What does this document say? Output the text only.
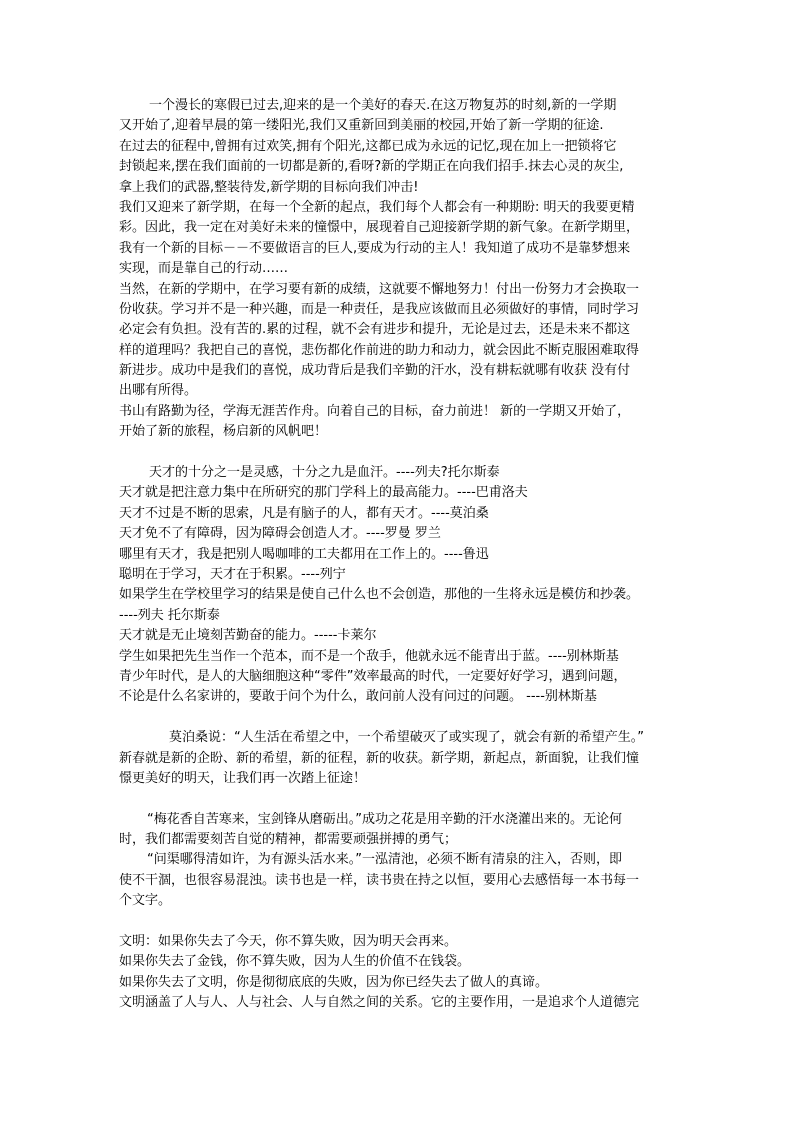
一个漫长的寒假已过去,迎来的是一个美好的春天.在这万物复苏的时刻,新的一学期
又开始了,迎着早晨的第一缕阳光,我们又重新回到美丽的校园,开始了新一学期的征途.
在过去的征程中,曾拥有过欢笑,拥有个阳光,这都已成为永远的记忆,现在加上一把锁将它
封锁起来,摆在我们面前的一切都是新的,看呀?新的学期正在向我们招手.抹去心灵的灰尘,
拿上我们的武器,整装待发,新学期的目标向我们冲击!
我们又迎来了新学期，在每一个全新的起点，我们每个人都会有一种期盼: 明天的我要更精
彩。因此，我一定在对美好未来的憧憬中，展现着自己迎接新学期的新气象。在新学期里，
我有一个新的目标－－不要做语言的巨人,要成为行动的主人！我知道了成功不是靠梦想来
实现，而是靠自己的行动……
当然，在新的学期中，在学习要有新的成绩，这就要不懈地努力！付出一份努力才会换取一
份收获。学习并不是一种兴趣，而是一种责任，是我应该做而且必须做好的事情，同时学习
必定会有负担。没有苦的.累的过程，就不会有进步和提升，无论是过去，还是未来不都这
样的道理吗？我把自己的喜悦，悲伤都化作前进的助力和动力，就会因此不断克服困难取得
新进步。成功中是我们的喜悦，成功背后是我们辛勤的汗水，没有耕耘就哪有收获 没有付
出哪有所得。
书山有路勤为径，学海无涯苦作舟。向着自己的目标，奋力前进！ 新的一学期又开始了，
开始了新的旅程，杨启新的风帆吧！
天才的十分之一是灵感，十分之九是血汗。----列夫?托尔斯泰
天才就是把注意力集中在所研究的那门学科上的最高能力。----巴甫洛夫
天才不过是不断的思索，凡是有脑子的人，都有天才。----莫泊桑
天才免不了有障碍，因为障碍会创造人才。----罗曼 罗兰
哪里有天才，我是把别人喝咖啡的工夫都用在工作上的。----鲁迅
聪明在于学习，天才在于积累。----列宁
如果学生在学校里学习的结果是使自己什么也不会创造，那他的一生将永远是模仿和抄袭。
----列夫 托尔斯泰
天才就是无止境刻苦勤奋的能力。-----卡莱尔
学生如果把先生当作一个范本，而不是一个敌手，他就永远不能青出于蓝。----别林斯基
青少年时代，是人的大脑细胞这种“零件”效率最高的时代，一定要好好学习，遇到问题，
不论是什么名家讲的，要敢于问个为什么，敢问前人没有问过的问题。 ----别林斯基
莫泊桑说：“人生活在希望之中，一个希望破灭了或实现了，就会有新的希望产生。”
新春就是新的企盼、新的希望，新的征程，新的收获。新学期，新起点，新面貌，让我们憧
憬更美好的明天，让我们再一次踏上征途！
“梅花香自苦寒来，宝剑锋从磨砺出。”成功之花是用辛勤的汗水浇灌出来的。无论何
时，我们都需要刻苦自觉的精神，都需要顽强拼搏的勇气；
“问渠哪得清如许，为有源头活水来。”一泓清池，必须不断有清泉的注入，否则，即
使不干涸，也很容易混浊。读书也是一样，读书贵在持之以恒，要用心去感悟每一本书每一
个文字。
文明：如果你失去了今天，你不算失败，因为明天会再来。
如果你失去了金钱，你不算失败，因为人生的价值不在钱袋。
如果你失去了文明，你是彻彻底底的失败，因为你已经失去了做人的真谛。
文明涵盖了人与人、人与社会、人与自然之间的关系。它的主要作用，一是追求个人道德完
